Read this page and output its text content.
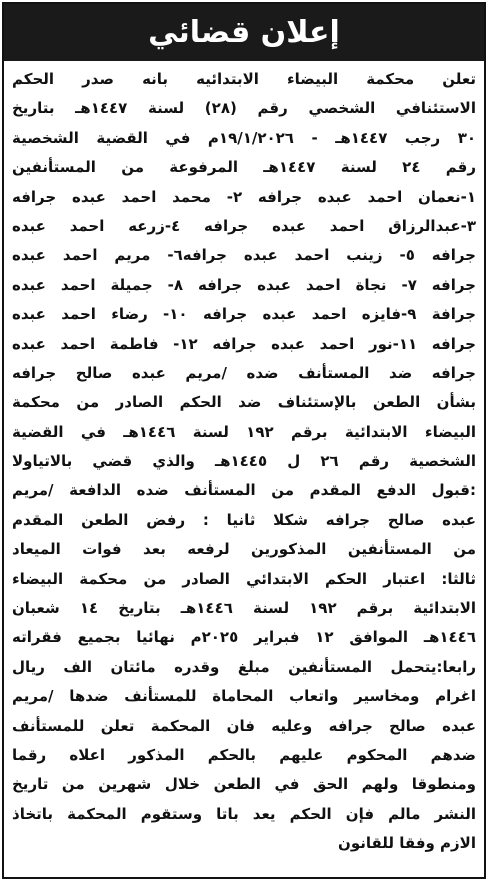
إعلان قضائي
تعلن محكمة البيضاء الابتدائيه بانه صدر الحكم
الاستئنافي الشخصي رقم (٢٨) لسنة ١٤٤٧هـ بتاريخ
٣٠ رجب ١٤٤٧هـ - ١٩/١/٢٠٢٦م في القضية الشخصية
رقم ٢٤ لسنة ١٤٤٧هـ المرفوعة من المستأنفين
١-نعمان احمد عبده جرافه ٢- محمد احمد عبده جرافه
٣-عبدالرزاق احمد عبده جرافه ٤-زرعه احمد عبده
جرافه ٥- زينب احمد عبده جرافه٦- مريم احمد عبده
جرافه ٧- نجاة احمد عبده جرافه ٨- جميلة احمد عبده
جرافة ٩-فايزه احمد عبده جرافه ١٠- رضاء احمد عبده
جرافه ١١-نور احمد عبده جرافه ١٢- فاطمة احمد عبده
جرافه ضد المستأنف ضده /مريم عبده صالح جرافه
بشأن الطعن بالإستئناف ضد الحكم الصادر من محكمة
البيضاء الابتدائية برقم ١٩٢ لسنة ١٤٤٦هـ في القضية
الشخصية رقم ٢٦ ل ١٤٤٥هـ والذي قضي بالاتياولا
:قبول الدفع المقدم من المستأنف ضده الدافعة /مريم
عبده صالح جرافه شكلا ثانيا : رفض الطعن المقدم
من المستأنفين المذكورين لرفعه بعد فوات الميعاد
ثالثا: اعتبار الحكم الابتدائي الصادر من محكمة البيضاء
الابتدائية برقم ١٩٢ لسنة ١٤٤٦هـ بتاريخ ١٤ شعبان
١٤٤٦هـ الموافق ١٢ فبراير ٢٠٢٥م نهائيا بجميع فقراته
رابعا:يتحمل المستأنفين مبلغ وقدره مائتان الف ريال
اغرام ومخاسير واتعاب المحاماة للمستأنف ضدها /مريم
عبده صالح جرافه وعليه فان المحكمة تعلن للمستأنف
ضدهم المحكوم عليهم بالحكم المذكور اعلاه رقما
ومنطوقا ولهم الحق في الطعن خلال شهرين من تاريخ
النشر مالم فإن الحكم يعد باتا وستقوم المحكمة باتخاذ
الازم وفقا للقانون
